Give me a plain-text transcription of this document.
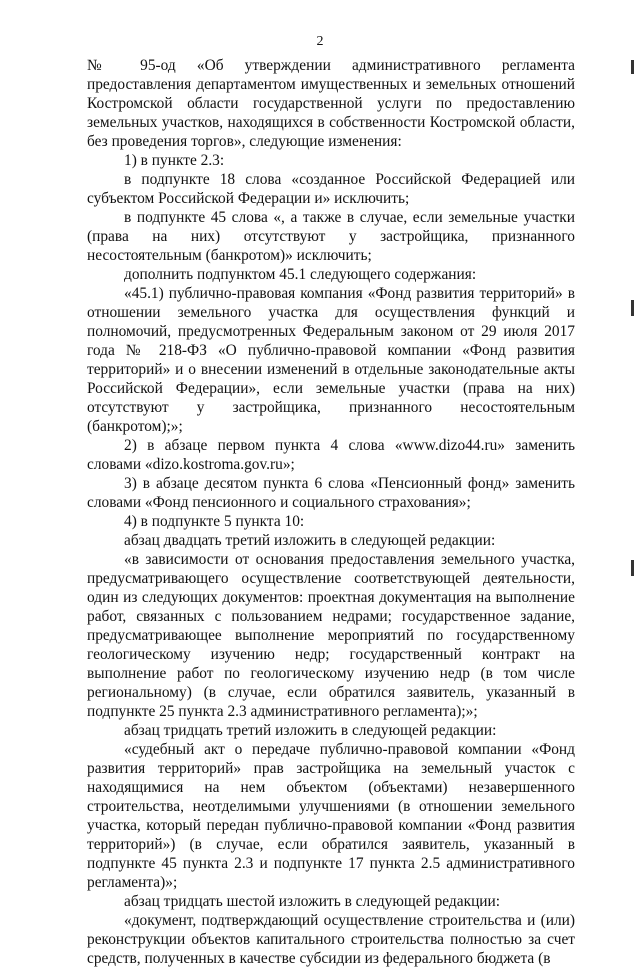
2

№ 95-од «Об утверждении административного регламента предоставления департаментом имущественных и земельных отношений Костромской области государственной услуги по предоставлению земельных участков, находящихся в собственности Костромской области, без проведения торгов», следующие изменения:

1) в пункте 2.3:

в подпункте 18 слова «созданное Российской Федерацией или субъектом Российской Федерации и» исключить;

в подпункте 45 слова «, а также в случае, если земельные участки (права на них) отсутствуют у застройщика, признанного несостоятельным (банкротом)» исключить;

дополнить подпунктом 45.1 следующего содержания:

«45.1) публично-правовая компания «Фонд развития территорий» в отношении земельного участка для осуществления функций и полномочий, предусмотренных Федеральным законом от 29 июля 2017 года № 218-ФЗ «О публично-правовой компании «Фонд развития территорий» и о внесении изменений в отдельные законодательные акты Российской Федерации», если земельные участки (права на них) отсутствуют у застройщика, признанного несостоятельным (банкротом);»;

2) в абзаце первом пункта 4 слова «www.dizo44.ru» заменить словами «dizo.kostroma.gov.ru»;

3) в абзаце десятом пункта 6 слова «Пенсионный фонд» заменить словами «Фонд пенсионного и социального страхования»;

4) в подпункте 5 пункта 10:

абзац двадцать третий изложить в следующей редакции:

«в зависимости от основания предоставления земельного участка, предусматривающего осуществление соответствующей деятельности, один из следующих документов: проектная документация на выполнение работ, связанных с пользованием недрами; государственное задание, предусматривающее выполнение мероприятий по государственному геологическому изучению недр; государственный контракт на выполнение работ по геологическому изучению недр (в том числе региональному) (в случае, если обратился заявитель, указанный в подпункте 25 пункта 2.3 административного регламента);»;

абзац тридцать третий изложить в следующей редакции:

«судебный акт о передаче публично-правовой компании «Фонд развития территорий» прав застройщика на земельный участок с находящимися на нем объектом (объектами) незавершенного строительства, неотделимыми улучшениями (в отношении земельного участка, который передан публично-правовой компании «Фонд развития территорий») (в случае, если обратился заявитель, указанный в подпункте 45 пункта 2.3 и подпункте 17 пункта 2.5 административного регламента)»;

абзац тридцать шестой изложить в следующей редакции:

«документ, подтверждающий осуществление строительства и (или) реконструкции объектов капитального строительства полностью за счет средств, полученных в качестве субсидии из федерального бюджета (в
